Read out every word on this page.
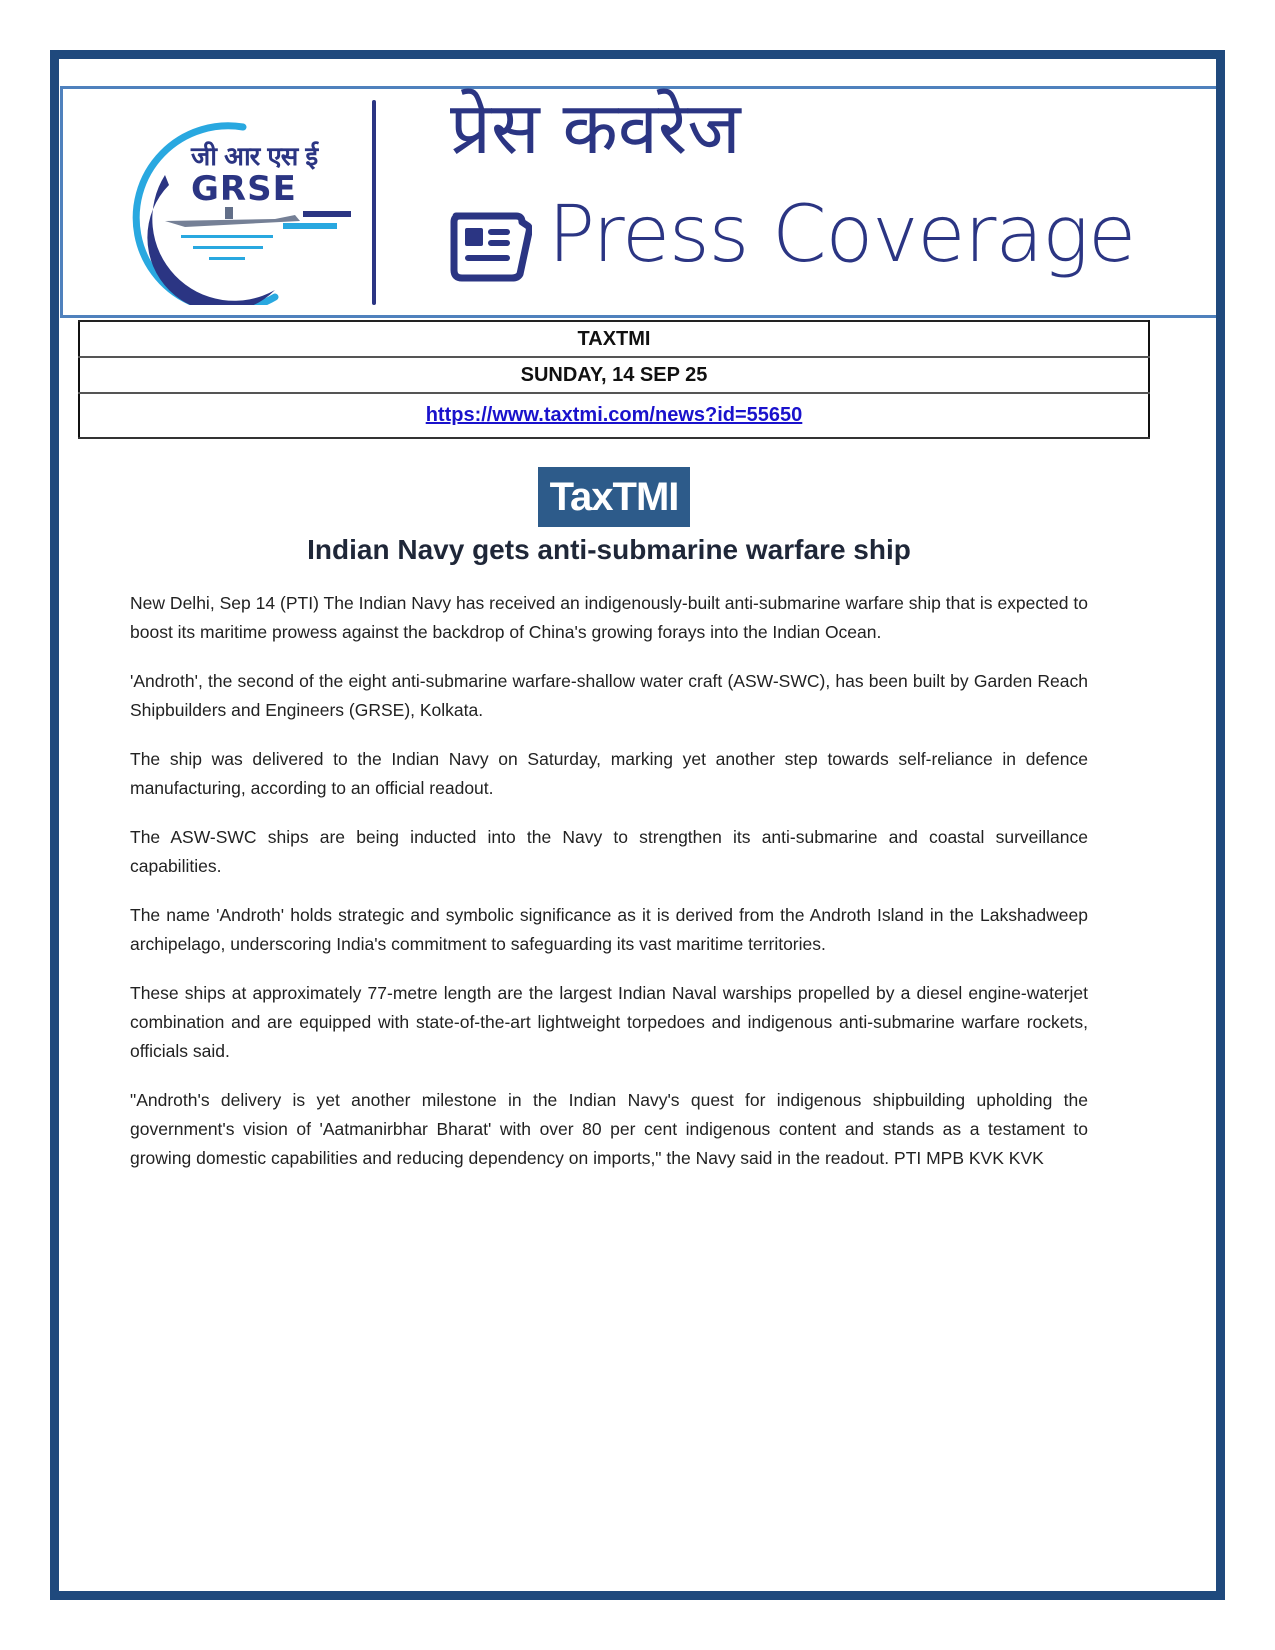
जी आर एस ई
GRSE
प्रेस कवरेज
Press Coverage
TAXTMI
SUNDAY, 14 SEP 25
https://www.taxtmi.com/news?id=55650
TaxTMI
Indian Navy gets anti-submarine warfare ship

New Delhi, Sep 14 (PTI) The Indian Navy has received an indigenously-built anti-submarine warfare ship that is expected to boost its maritime prowess against the backdrop of China's growing forays into the Indian Ocean.

'Androth', the second of the eight anti-submarine warfare-shallow water craft (ASW-SWC), has been built by Garden Reach Shipbuilders and Engineers (GRSE), Kolkata.

The ship was delivered to the Indian Navy on Saturday, marking yet another step towards self-reliance in defence manufacturing, according to an official readout.

The ASW-SWC ships are being inducted into the Navy to strengthen its anti-submarine and coastal surveillance capabilities.

The name 'Androth' holds strategic and symbolic significance as it is derived from the Androth Island in the Lakshadweep archipelago, underscoring India's commitment to safeguarding its vast maritime territories.

These ships at approximately 77-metre length are the largest Indian Naval warships propelled by a diesel engine-waterjet combination and are equipped with state-of-the-art lightweight torpedoes and indigenous anti-submarine warfare rockets, officials said.

"Androth's delivery is yet another milestone in the Indian Navy's quest for indigenous shipbuilding upholding the government's vision of 'Aatmanirbhar Bharat' with over 80 per cent indigenous content and stands as a testament to growing domestic capabilities and reducing dependency on imports," the Navy said in the readout. PTI MPB KVK KVK
